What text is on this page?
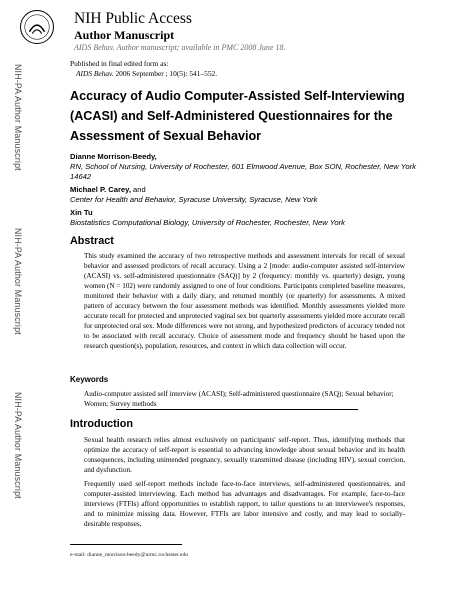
NIH Public Access
Author Manuscript
AIDS Behav. Author manuscript; available in PMC 2008 June 18.
Published in final edited form as:
AIDS Behav. 2006 September ; 10(5): 541–552.
NIH-PA Author Manuscript
NIH-PA Author Manuscript
NIH-PA Author Manuscript
Accuracy of Audio Computer-Assisted Self-Interviewing (ACASI) and Self-Administered Questionnaires for the Assessment of Sexual Behavior
Dianne Morrison-Beedy,
RN, School of Nursing, University of Rochester, 601 Elmwood Avenue, Box SON, Rochester, New York 14642
Michael P. Carey, and
Center for Health and Behavior, Syracuse University, Syracuse, New York
Xin Tu
Biostatistics Computational Biology, University of Rochester, Rochester, New York
Abstract
This study examined the accuracy of two retrospective methods and assessment intervals for recall of sexual behavior and assessed predictors of recall accuracy. Using a 2 [mode: audio-computer assisted self-interview (ACASI) vs. self-administered questionnaire (SAQ)] by 2 (frequency: monthly vs. quarterly) design, young women (N = 102) were randomly assigned to one of four conditions. Participants completed baseline measures, monitored their behavior with a daily diary, and returned monthly (or quarterly) for assessments. A mixed pattern of accuracy between the four assessment methods was identified. Monthly assessments yielded more accurate recall for protected and unprotected vaginal sex but quarterly assessments yielded more accurate recall for unprotected oral sex. Mode differences were not strong, and hypothesized predictors of accuracy tended not to be associated with recall accuracy. Choice of assessment mode and frequency should be based upon the research question(s), population, resources, and context in which data collection will occur.
Keywords
Audio-computer assisted self interview (ACASI); Self-administered questionnaire (SAQ); Sexual behavior; Women; Survey methods
Introduction
Sexual health research relies almost exclusively on participants' self-report. Thus, identifying methods that optimize the accuracy of self-report is essential to advancing knowledge about sexual behavior and its health consequences, including unintended pregnancy, sexually transmitted disease (including HIV), sexual coercion, and dysfunction.
Frequently used self-report methods include face-to-face interviews, self-administered questionnaires, and computer-assisted interviewing. Each method has advantages and disadvantages. For example, face-to-face interviews (FTFIs) afford opportunities to establish rapport, to tailor questions to an interviewee's responses, and to minimize missing data. However, FTFIs are labor intensive and costly, and may lead to socially-desirable responses,
e-mail: dianne_morrison-beedy@urmc.rochester.edu
